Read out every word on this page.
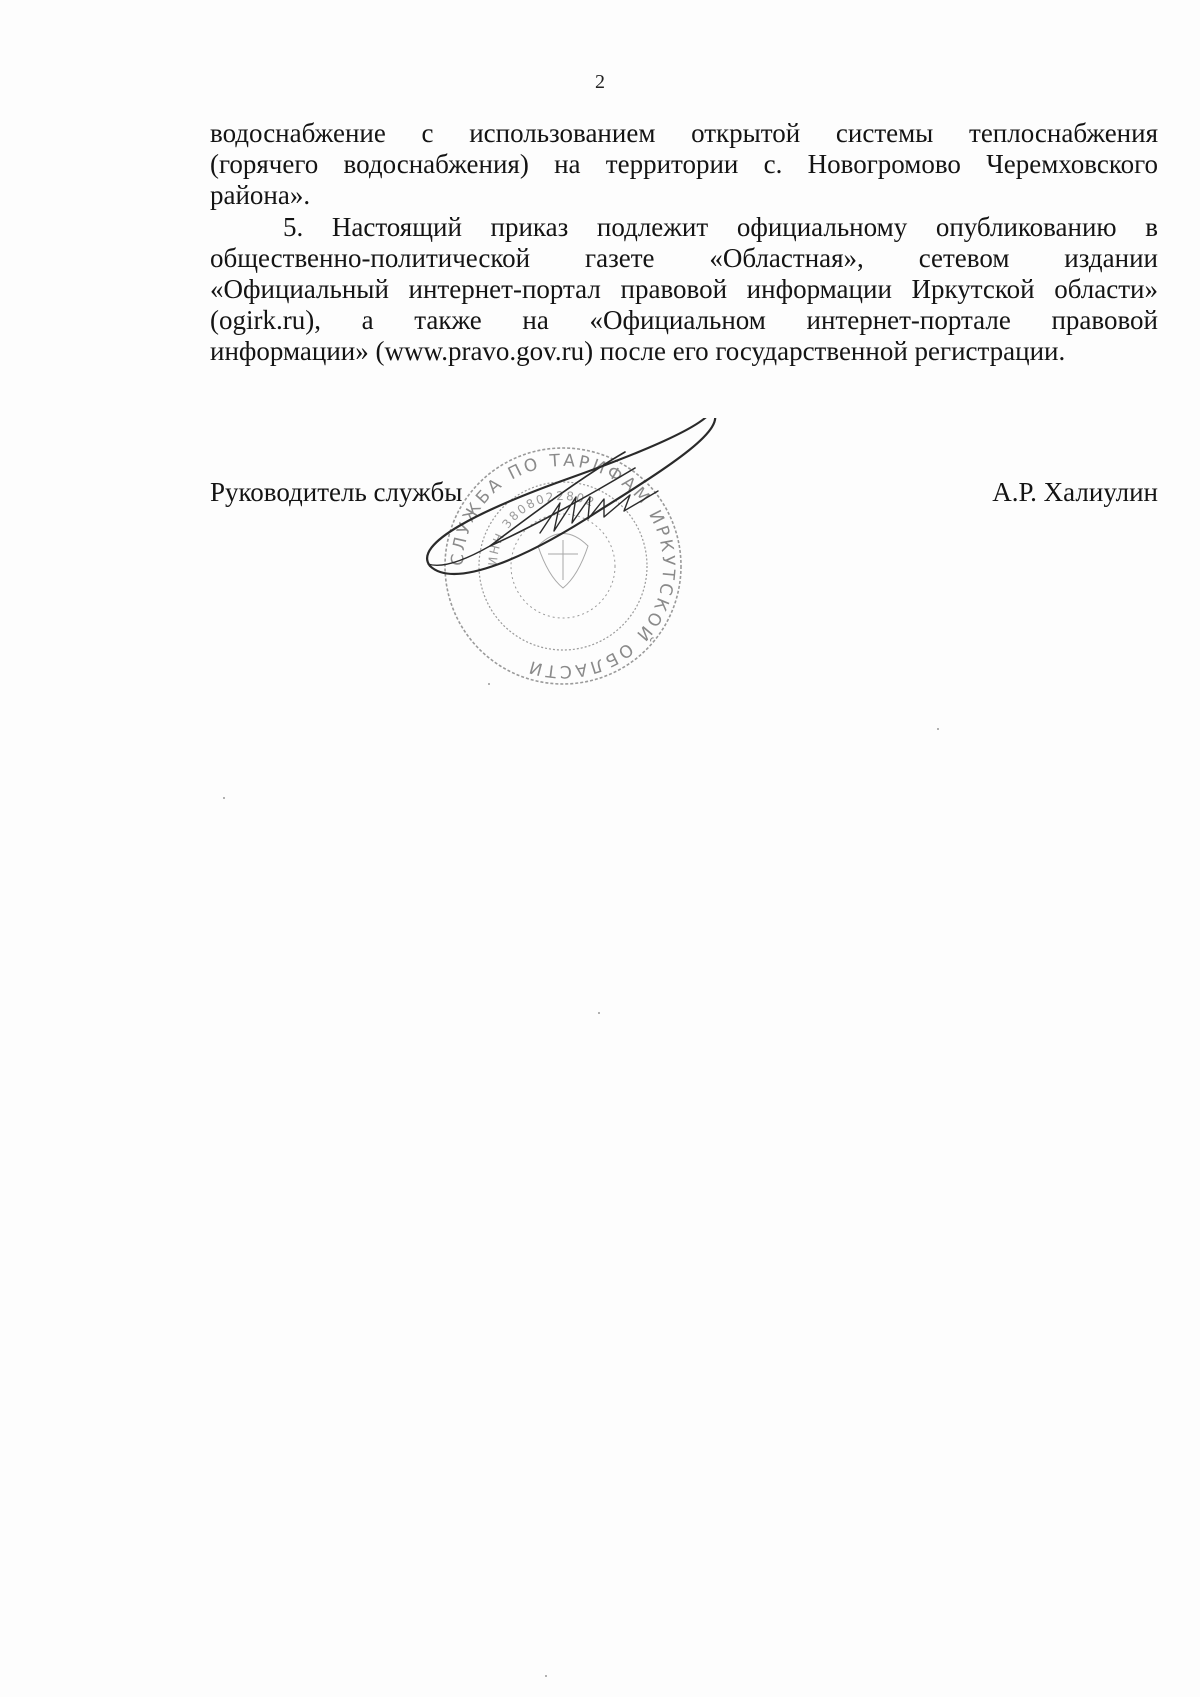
2
водоснабжение с использованием открытой системы теплоснабжения
(горячего водоснабжения) на территории с. Новогромово Черемховского
района».
5. Настоящий приказ подлежит официальному опубликованию в
общественно-политической газете «Областная», сетевом издании
«Официальный интернет-портал правовой информации Иркутской области»
(ogirk.ru), а также на «Официальном интернет-портале правовой
информации» (www.pravo.gov.ru) после его государственной регистрации.
СЛУЖБА ПО ТАРИФАМ ИРКУТСКОЙ ОБЛАСТИ
ИНН 3808022802
Руководитель службы	А.Р. Халиулин
